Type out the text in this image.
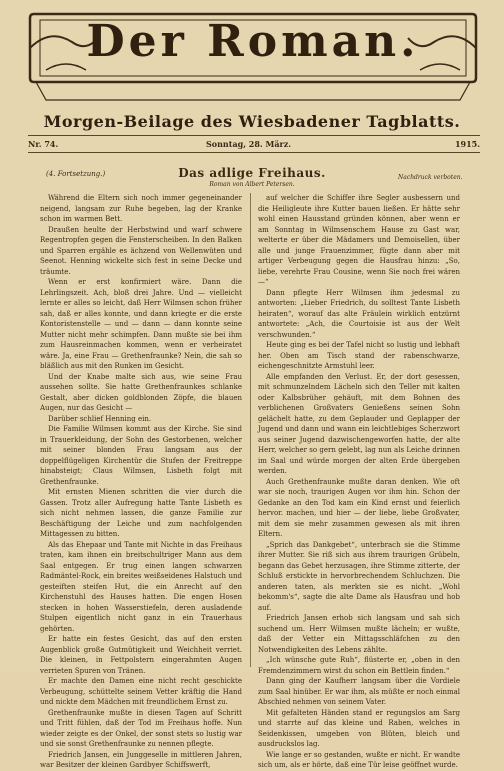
Der Roman.
Morgen-Beilage des Wiesbadener Tagblatts.
Nr. 74.	Sonntag, 28. März.	1915.
(4. Fortsetzung.)	Das adlige Freihaus.
Roman von Albert Petersen.
Nachdruck verboten.

Während die Eltern sich noch immer gegeneinander neigend, langsam zur Ruhe begeben, lag der Kranke schon im warmen Bett.

Draußen heulte der Herbstwind und warf schwere Regentropfen gegen die Fensterscheiben. In den Balken und Sparren ergähle es ächzend von Wellenwüten und Seenot. Henning wickelte sich fest in seine Decke und träumte.

Wenn er erst konfirmiert wäre. Dann die Lehrlingszeit. Ach, bloß drei Jahre. Und — vielleicht lernte er alles so leicht, daß Herr Wilmsen schon früher sah, daß er alles konnte, und dann kriegte er die erste Kontoristenstelle — und — dann — dann konnte seine Mutter nicht mehr schimpfen. Dann mußte sie bei ihm zum Hausreinmachen kommen, wenn er verheiratet wäre. Ja, eine Frau — Grethenfraunke? Nein, die sah so bläßlich aus mit den Runken im Gesicht.

Und der Knabe malte sich aus, wie seine Frau aussehen sollte. Sie hatte Grethenfraunkes schlanke Gestalt, aber dicken goldblonden Zöpfe, die blauen Augen, nur das Gesicht —

Darüber schlief Henning ein.

Die Familie Wilmsen kommt aus der Kirche. Sie sind in Trauerkleidung, der Sohn des Gestorbenen, welcher mit seiner blonden Frau langsam aus der doppelflügeligen Kirchentür die Stufen der Freitreppe hinabsteigt; Claus Wilmsen, Lisbeth folgt mit Grethenfraunke.

Mit ernsten Mienen schritten die vier durch die Gassen. Trotz aller Aufregung hatte Tante Lisbeth es sich nicht nehmen lassen, die ganze Familie zur Beschäftigung der Leiche und zum nachfolgenden Mittagessen zu bitten.

Als das Ehepaar und Tante mit Nichte in das Freihaus traten, kam ihnen ein breitschultriger Mann aus dem Saal entgegen. Er trug einen langen schwarzen Radmäntel-Rock, ein breites weißseidenes Halstuch und gesteiften steifen Hut, die ein Anrecht auf den Kirchenstuhl des Hauses hatten. Die engen Hosen stecken in hohen Wasserstiefeln, deren ausladende Stulpen eigentlich nicht ganz in ein Trauerhaus gehörten.

Er hatte ein festes Gesicht, das auf den ersten Augenblick große Gutmütigkeit und Weichheit verriet. Die kleinen, in Fettpolstern eingerahmten Augen verrieten Spuren von Tränen.

Er machte den Damen eine nicht recht geschickte Verbeugung, schüttelte seinem Vetter kräftig die Hand und nickte dem Mädchen mit freundlichem Ernst zu.

Grethenfraunke mußte in diesen Tagen auf Schritt und Tritt fühlen, daß der Tod im Freihaus hoffe. Nun wieder zeigte es der Onkel, der sonst stets so lustig war und sie sonst Grethenfraunke zu nennen pflegte.

Friedrich Jansen, ein Junggeselle in mittleren Jahren, war Besitzer der kleinen Gardbyer Schiffswerft,

auf welcher die Schiffer ihre Segler ausbessern und die Heiligleute ihre Kutter bauen ließen. Er hätte sehr wohl einen Hausstand gründen können, aber wenn er am Sonntag in Wilmsenschem Hause zu Gast war, welterte er über die Mädamers und Demoisellen, über alle und junge Frauenzimmer, fügte dann aber mit artiger Verbeugung gegen die Hausfrau hinzu: „So, liebe, verehrte Frau Cousine, wenn Sie noch frei wären —“

Dann pflegte Herr Wilmsen ihm jedesmal zu antworten: „Lieber Friedrich, du solltest Tante Lisbeth heiraten“, worauf das alte Fräulein wirklich entzürnt antwortete: „Ach, die Courtoisie ist aus der Welt verschwunden.“

Heute ging es bei der Tafel nicht so lustig und lebhaft her. Oben am Tisch stand der rabenschwarze, eichengeschnitzte Armstuhl leer.

Alle empfanden den Verlust. Er, der dort gesessen, mit schmunzelndem Lächeln sich den Teller mit kalten oder Kalbsbrüher gehäuft, mit dem Bohnen des verblichenen Großvaters Genießens seinen Sohn gelächelt hatte, zu dem Geplauder und Geplapper der Jugend und dann und wann ein leichtlebiges Scherzwort aus seiner Jugend dazwischengeworfen hatte, der alte Herr, welcher so gern gelebt, lag nun als Leiche drinnen im Saal und würde morgen der alten Erde übergeben werden.

Auch Grethenfraunke mußte daran denken. Wie oft war sie noch, traurigen Augen vor ihm hin. Schon der Gedanke an den Tod kam ein Kind ernst und feierlich hervor. machen, und hier — der liebe, liebe Großvater, mit dem sie mehr zusammen gewesen als mit ihren Eltern.

„Sprich das Dankgebet“, unterbrach sie die Stimme ihrer Mutter. Sie riß sich aus ihrem traurigen Grübeln, begann das Gebet herzusagen, ihre Stimme zitterte, der Schluß erstickte in hervorbrechendem Schluchzen. Die anderen taten, als merkten sie es nicht. „Wohl bekomm's“, sagte die alte Dame als Hausfrau und hob auf.

Friedrich Jansen erhob sich langsam und sah sich suchend um. Herr Wilmsen mußte lächeln; er wußte, daß der Vetter ein Mittagsschläfchen zu den Notwendigkeiten des Lebens zählte.

„Ich wünsche gute Ruh“, flüsterte er, „oben in den Fremdenzimmern wirst du schon ein Bettlein finden.“

Dann ging der Kaufherr langsam über die Vordiele zum Saal hinüber. Er war ihm, als müßte er noch einmal Abschied nehmen von seinem Vater.

Mit gefalteten Händen stand er regungslos am Sarg und starrte auf das kleine und Raben, welches in Seidenkissen, umgeben von Blüten, bleich und ausdruckslos lag.

Wie lange er so gestanden, wußte er nicht. Er wandte sich um, als er hörte, daß eine Tür leise geöffnet wurde.
